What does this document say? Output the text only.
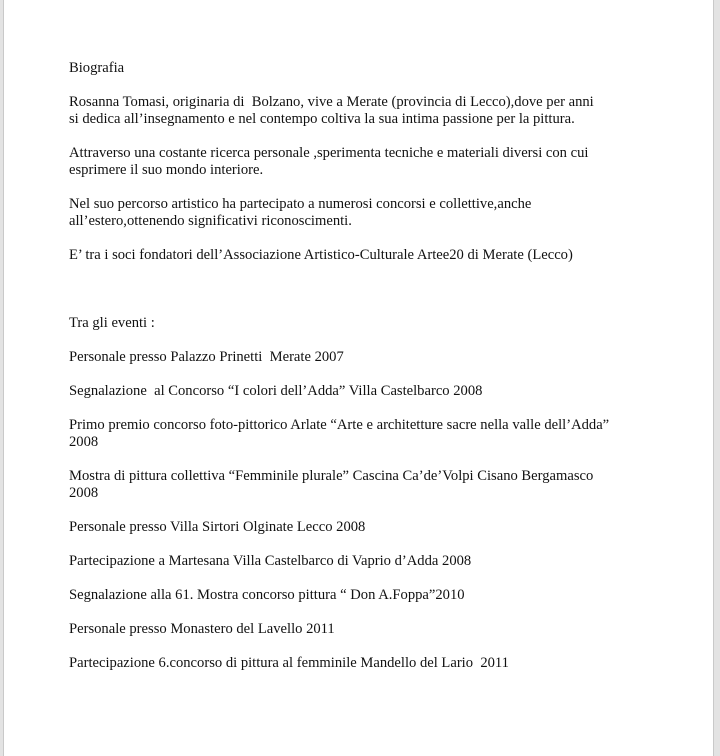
Biografia

Rosanna Tomasi, originaria di  Bolzano, vive a Merate (provincia di Lecco),dove per anni
si dedica all’insegnamento e nel contempo coltiva la sua intima passione per la pittura.

Attraverso una costante ricerca personale ,sperimenta tecniche e materiali diversi con cui
esprimere il suo mondo interiore.

Nel suo percorso artistico ha partecipato a numerosi concorsi e collettive,anche
all’estero,ottenendo significativi riconoscimenti.

E’ tra i soci fondatori dell’Associazione Artistico-Culturale Artee20 di Merate (Lecco)

Tra gli eventi :

Personale presso Palazzo Prinetti  Merate 2007

Segnalazione  al Concorso “I colori dell’Adda” Villa Castelbarco 2008

Primo premio concorso foto-pittorico Arlate “Arte e architetture sacre nella valle dell’Adda”
2008

Mostra di pittura collettiva “Femminile plurale” Cascina Ca’de’Volpi Cisano Bergamasco
2008

Personale presso Villa Sirtori Olginate Lecco 2008

Partecipazione a Martesana Villa Castelbarco di Vaprio d’Adda 2008

Segnalazione alla 61. Mostra concorso pittura “ Don A.Foppa”2010

Personale presso Monastero del Lavello 2011

Partecipazione 6.concorso di pittura al femminile Mandello del Lario  2011
